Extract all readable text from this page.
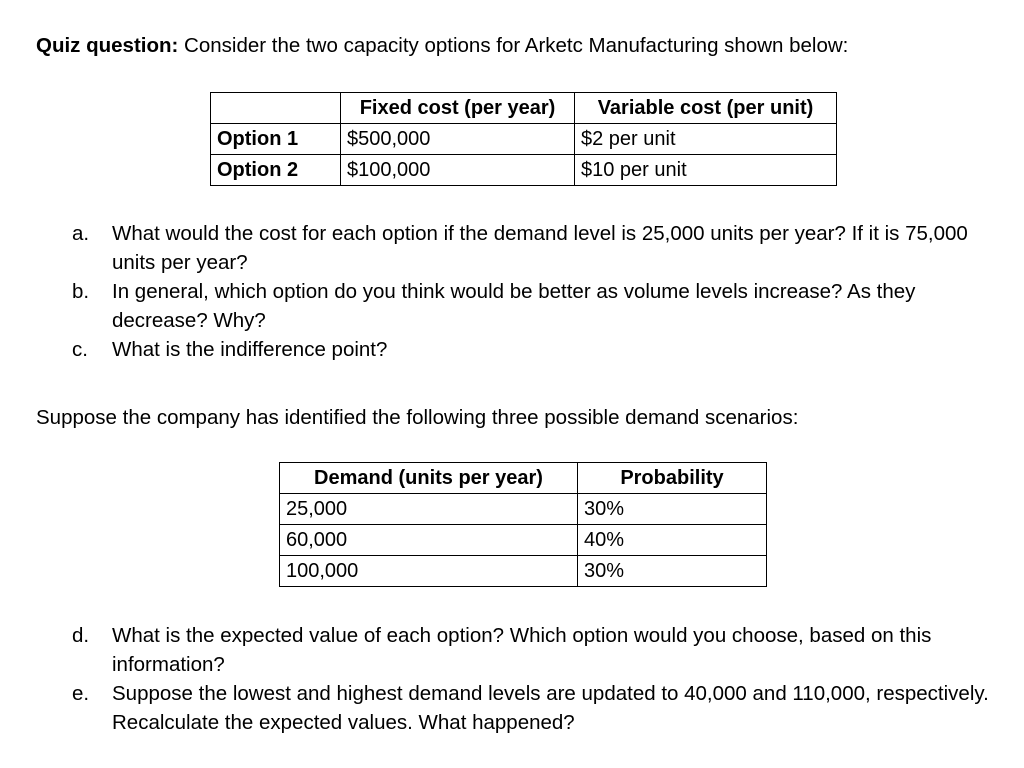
Quiz question: Consider the two capacity options for Arketc Manufacturing shown below:
	Fixed cost (per year)	Variable cost (per unit)
Option 1	$500,000	$2 per unit
Option 2	$100,000	$10 per unit
a.	What would the cost for each option if the demand level is 25,000 units per year? If it is 75,000 units per year?
b.	In general, which option do you think would be better as volume levels increase? As they decrease? Why?
c.	What is the indifference point?
Suppose the company has identified the following three possible demand scenarios:
Demand (units per year)	Probability
25,000	30%
60,000	40%
100,000	30%
d.	What is the expected value of each option? Which option would you choose, based on this information?
e.	Suppose the lowest and highest demand levels are updated to 40,000 and 110,000, respectively. Recalculate the expected values. What happened?
